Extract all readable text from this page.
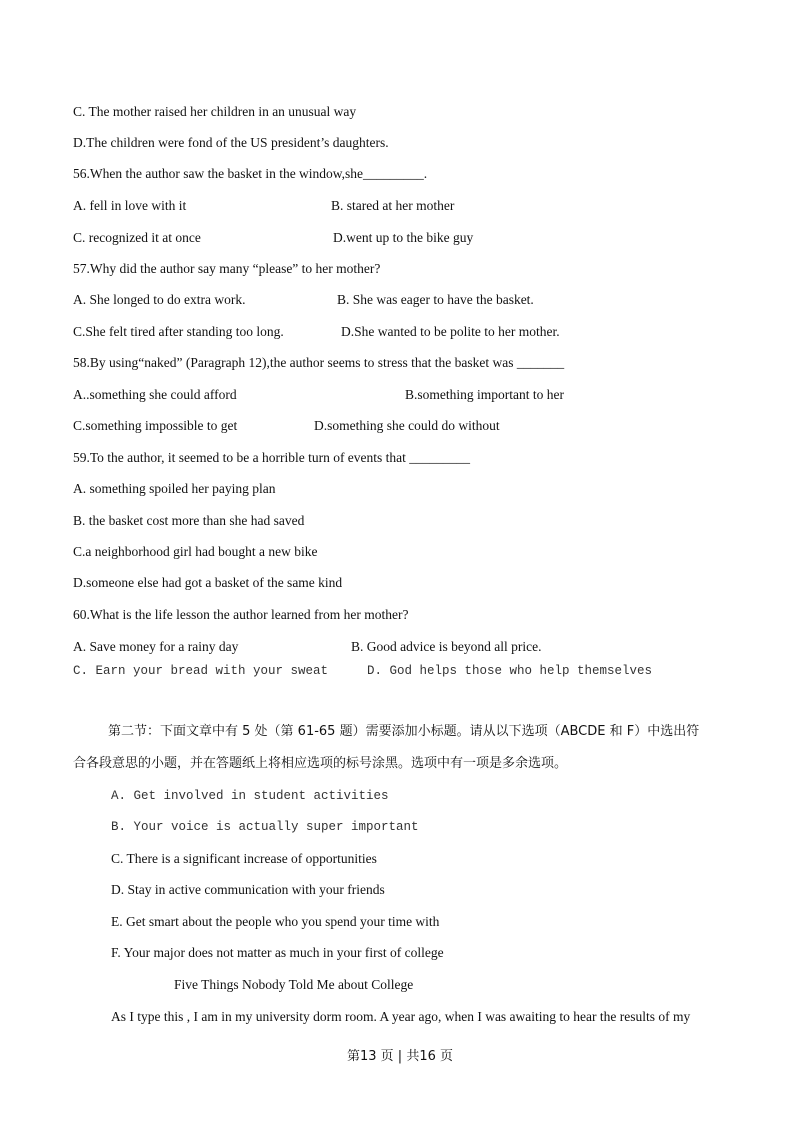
C. The mother raised her children in an unusual way
D.The children were fond of the US president’s daughters.
56.When the author saw the basket in the window,she_________.
A. fell in love with it	B. stared at her mother
C. recognized it at once	D.went up to the bike guy
57.Why did the author say many “please” to her mother?
A. She longed to do extra work.	B. She was eager to have the basket.
C.She felt tired after standing too long.	D.She wanted to be polite to her mother.
58.By using“naked” (Paragraph 12),the author seems to stress that the basket was _______
A..something she could afford	B.something important to her
C.something impossible to get	D.something she could do without
59.To the author, it seemed to be a horrible turn of events that _________
A. something spoiled her paying plan
B. the basket cost more than she had saved
C.a neighborhood girl had bought a new bike
D.someone else had got a basket of the same kind
60.What is the life lesson the author learned from her mother?
A. Save money for a rainy day	B. Good advice is beyond all price.
C. Earn your bread with your sweat	D. God helps those who help themselves
第二节：下面文章中有 5 处（第 61-65 题）需要添加小标题。请从以下选项（ABCDE 和 F）中选出符
合各段意思的小题，并在答题纸上将相应选项的标号涂黑。选项中有一项是多余选项。
A. Get involved in student activities
B. Your voice is actually super important
C. There is a significant increase of opportunities
D. Stay in active communication with your friends
E. Get smart about the people who you spend your time with
F. Your major does not matter as much in your first of college
Five Things Nobody Told Me about College
As I type this , I am in my university dorm room. A year ago, when I was awaiting to hear the results of my
第13 页 | 共16 页
